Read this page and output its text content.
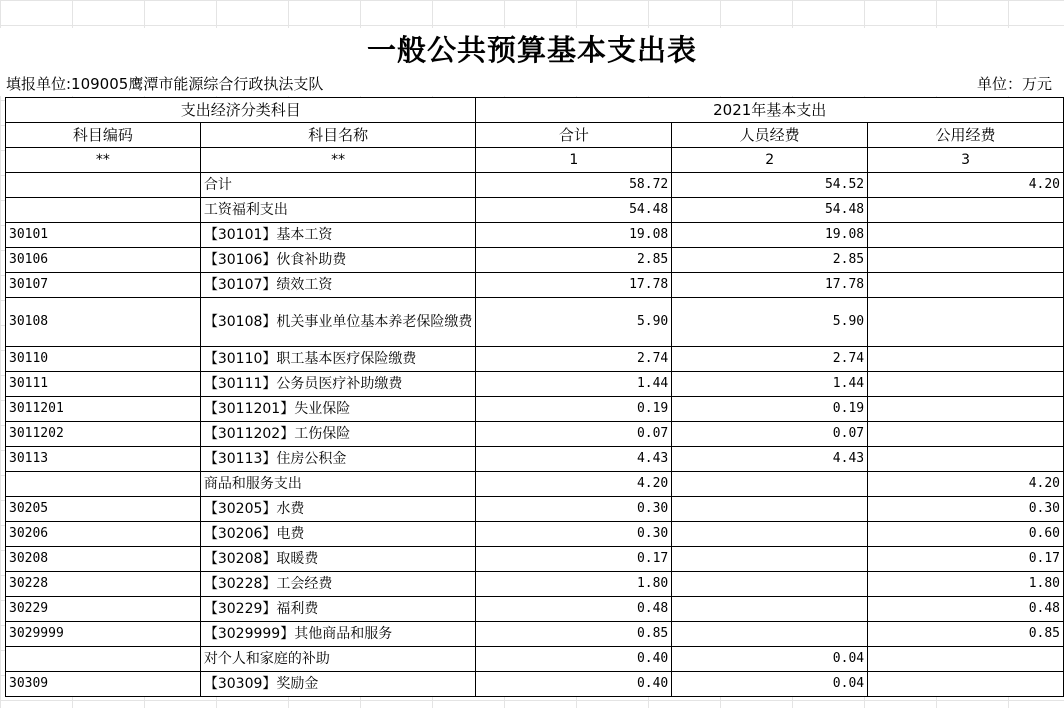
一般公共预算基本支出表
填报单位:109005鹰潭市能源综合行政执法支队	单位：万元
支出经济分类科目		2021年基本支出		
科目编码	科目名称	合计	人员经费	公用经费
**	**	1	2	3
	合计	58.72	54.52	4.20
	工资福利支出	54.48	54.48	
30101	【30101】基本工资	19.08	19.08	
30106	【30106】伙食补助费	2.85	2.85	
30107	【30107】绩效工资	17.78	17.78	
30108	【30108】机关事业单位基本养老保险缴费	5.90	5.90	
30110	【30110】职工基本医疗保险缴费	2.74	2.74	
30111	【30111】公务员医疗补助缴费	1.44	1.44	
3011201	【3011201】失业保险	0.19	0.19	
3011202	【3011202】工伤保险	0.07	0.07	
30113	【30113】住房公积金	4.43	4.43	
	商品和服务支出	4.20		4.20
30205	【30205】水费	0.30		0.30
30206	【30206】电费	0.30		0.60
30208	【30208】取暖费	0.17		0.17
30228	【30228】工会经费	1.80		1.80
30229	【30229】福利费	0.48		0.48
3029999	【3029999】其他商品和服务	0.85		0.85
	对个人和家庭的补助	0.40	0.04	
30309	【30309】奖励金	0.40	0.04	
